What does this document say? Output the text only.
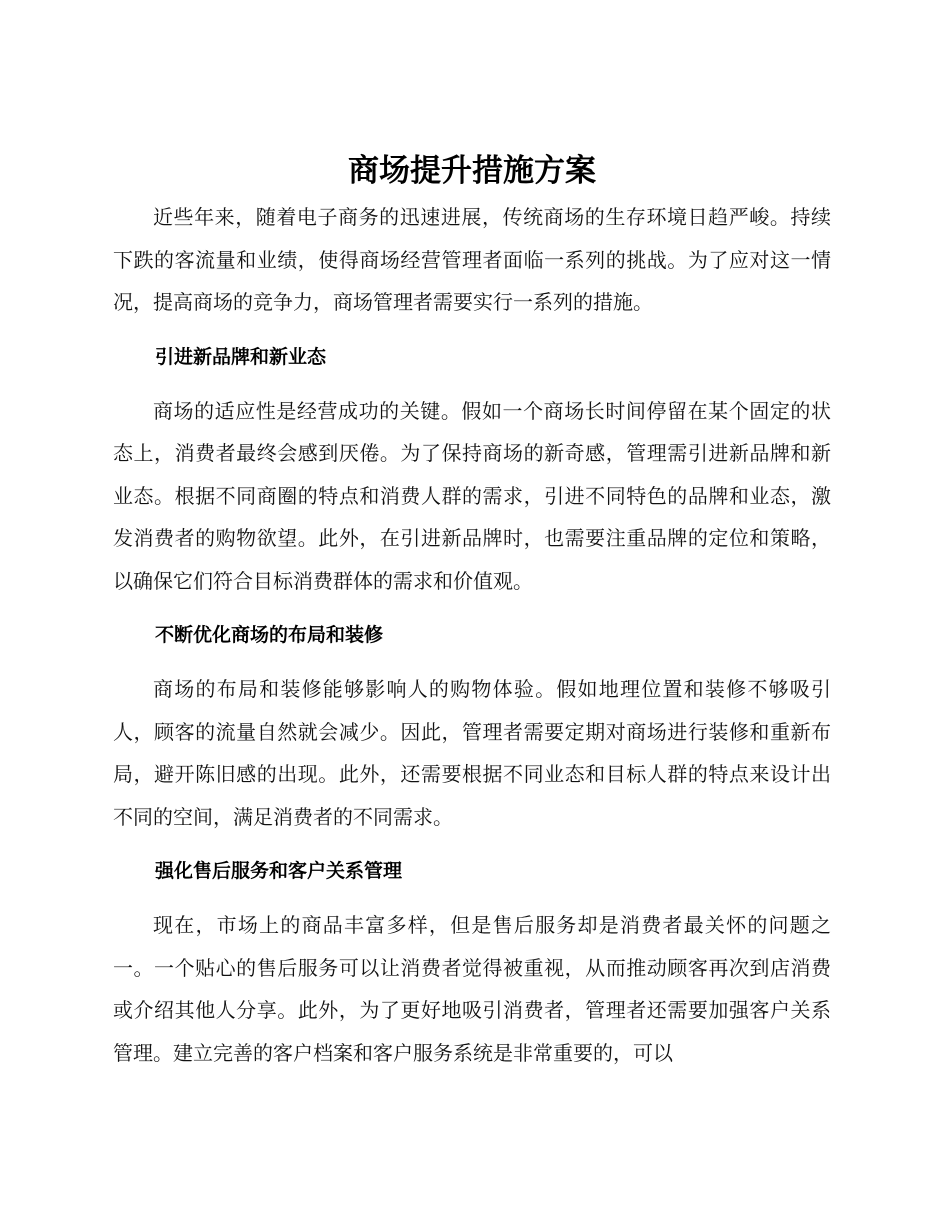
商场提升措施方案

近些年来，随着电子商务的迅速进展，传统商场的生存环境日趋严峻。持续下跌的客流量和业绩，使得商场经营管理者面临一系列的挑战。为了应对这一情况，提高商场的竞争力，商场管理者需要实行一系列的措施。

引进新品牌和新业态

商场的适应性是经营成功的关键。假如一个商场长时间停留在某个固定的状态上，消费者最终会感到厌倦。为了保持商场的新奇感，管理需引进新品牌和新业态。根据不同商圈的特点和消费人群的需求，引进不同特色的品牌和业态，激发消费者的购物欲望。此外，在引进新品牌时，也需要注重品牌的定位和策略，以确保它们符合目标消费群体的需求和价值观。

不断优化商场的布局和装修

商场的布局和装修能够影响人的购物体验。假如地理位置和装修不够吸引人，顾客的流量自然就会减少。因此，管理者需要定期对商场进行装修和重新布局，避开陈旧感的出现。此外，还需要根据不同业态和目标人群的特点来设计出不同的空间，满足消费者的不同需求。

强化售后服务和客户关系管理

现在，市场上的商品丰富多样，但是售后服务却是消费者最关怀的问题之一。一个贴心的售后服务可以让消费者觉得被重视，从而推动顾客再次到店消费或介绍其他人分享。此外，为了更好地吸引消费者，管理者还需要加强客户关系管理。建立完善的客户档案和客户服务系统是非常重要的，可以
